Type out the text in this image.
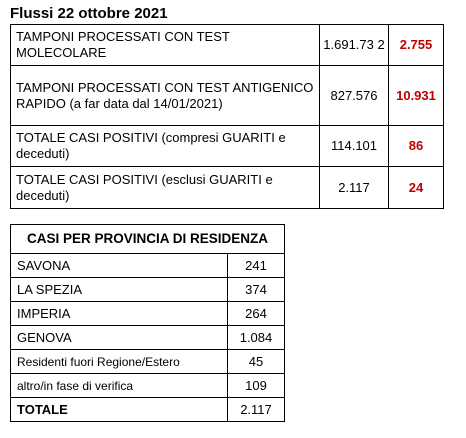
Flussi 22 ottobre 2021
TAMPONI PROCESSATI CON TEST MOLECOLARE	1.691.73 2	2.755
TAMPONI PROCESSATI CON TEST ANTIGENICO RAPIDO (a far data dal 14/01/2021)	827.576	10.931
TOTALE CASI POSITIVI (compresi GUARITI e deceduti)	114.101	86
TOTALE CASI POSITIVI (esclusi GUARITI e deceduti)	2.117	24
CASI PER PROVINCIA DI RESIDENZA	
SAVONA	241
LA SPEZIA	374
IMPERIA	264
GENOVA	1.084
Residenti fuori Regione/Estero	45
altro/in fase di verifica	109
TOTALE	2.117
